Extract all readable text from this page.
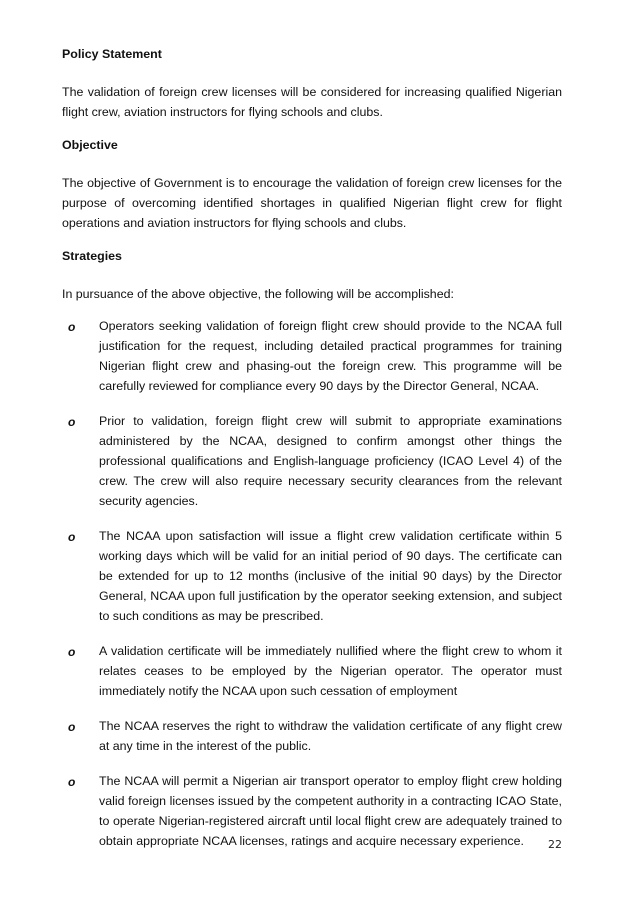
Policy Statement

The validation of foreign crew licenses will be considered for increasing qualified Nigerian flight crew, aviation instructors for flying schools and clubs.

Objective

The objective of Government is to encourage the validation of foreign crew licenses for the purpose of overcoming identified shortages in qualified Nigerian flight crew for flight operations and aviation instructors for flying schools and clubs.

Strategies

In pursuance of the above objective, the following will be accomplished:

o Operators seeking validation of foreign flight crew should provide to the NCAA full justification for the request, including detailed practical programmes for training Nigerian flight crew and phasing-out the foreign crew. This programme will be carefully reviewed for compliance every 90 days by the Director General, NCAA.
o Prior to validation, foreign flight crew will submit to appropriate examinations administered by the NCAA, designed to confirm amongst other things the professional qualifications and English-language proficiency (ICAO Level 4) of the crew. The crew will also require necessary security clearances from the relevant security agencies.
o The NCAA upon satisfaction will issue a flight crew validation certificate within 5 working days which will be valid for an initial period of 90 days. The certificate can be extended for up to 12 months (inclusive of the initial 90 days) by the Director General, NCAA upon full justification by the operator seeking extension, and subject to such conditions as may be prescribed.
o A validation certificate will be immediately nullified where the flight crew to whom it relates ceases to be employed by the Nigerian operator. The operator must immediately notify the NCAA upon such cessation of employment
o The NCAA reserves the right to withdraw the validation certificate of any flight crew at any time in the interest of the public.
o The NCAA will permit a Nigerian air transport operator to employ flight crew holding valid foreign licenses issued by the competent authority in a contracting ICAO State, to operate Nigerian-registered aircraft until local flight crew are adequately trained to obtain appropriate NCAA licenses, ratings and acquire necessary experience.	22
